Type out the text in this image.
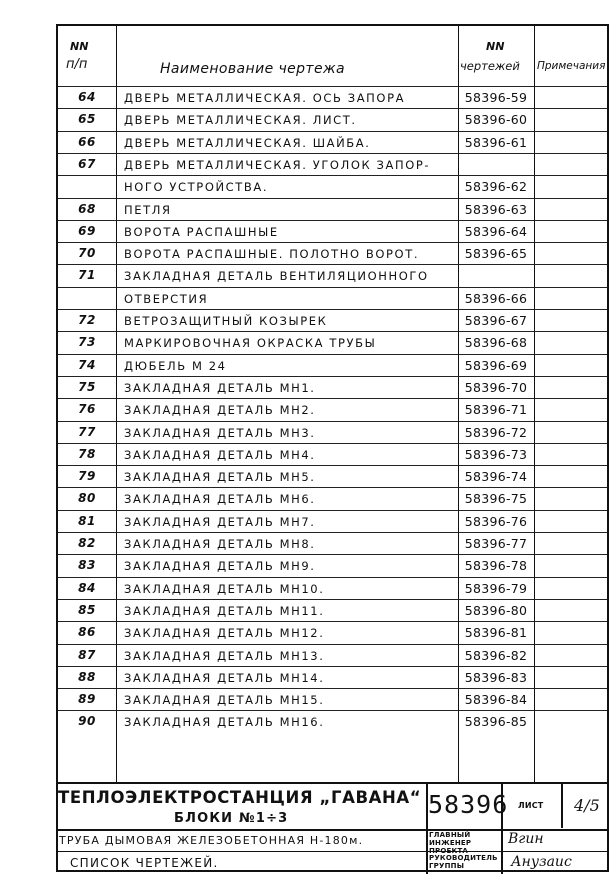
NN
п/п	Наименование чертежа
NN
чертежей Примечания
64	ДВЕРЬ МЕТАЛЛИЧЕСКАЯ. ОСЬ ЗАПОРА	58396-59
65	ДВЕРЬ МЕТАЛЛИЧЕСКАЯ. ЛИСТ.	58396-60
66	ДВЕРЬ МЕТАЛЛИЧЕСКАЯ. ШАЙБА.	58396-61
67	ДВЕРЬ МЕТАЛЛИЧЕСКАЯ. УГОЛОК ЗАПОР-
НОГО УСТРОЙСТВА.	58396-62
68	ПЕТЛЯ	58396-63
69	ВОРОТА РАСПАШНЫЕ	58396-64
70	ВОРОТА РАСПАШНЫЕ. ПОЛОТНО ВОРОТ.	58396-65
71	ЗАКЛАДНАЯ ДЕТАЛЬ ВЕНТИЛЯЦИОННОГО
ОТВЕРСТИЯ	58396-66
72	ВЕТРОЗАЩИТНЫЙ КОЗЫРЕК	58396-67
73	МАРКИРОВОЧНАЯ ОКРАСКА ТРУБЫ	58396-68
74	ДЮБЕЛЬ М 24	58396-69
75	ЗАКЛАДНАЯ ДЕТАЛЬ МН1.	58396-70
76	ЗАКЛАДНАЯ ДЕТАЛЬ МН2.	58396-71
77	ЗАКЛАДНАЯ ДЕТАЛЬ МН3.	58396-72
78	ЗАКЛАДНАЯ ДЕТАЛЬ МН4.	58396-73
79	ЗАКЛАДНАЯ ДЕТАЛЬ МН5.	58396-74
80	ЗАКЛАДНАЯ ДЕТАЛЬ МН6.	58396-75
81	ЗАКЛАДНАЯ ДЕТАЛЬ МН7.	58396-76
82	ЗАКЛАДНАЯ ДЕТАЛЬ МН8.	58396-77
83	ЗАКЛАДНАЯ ДЕТАЛЬ МН9.	58396-78
84	ЗАКЛАДНАЯ ДЕТАЛЬ МН10.	58396-79
85	ЗАКЛАДНАЯ ДЕТАЛЬ МН11.	58396-80
86	ЗАКЛАДНАЯ ДЕТАЛЬ МН12.	58396-81
87	ЗАКЛАДНАЯ ДЕТАЛЬ МН13.	58396-82
88	ЗАКЛАДНАЯ ДЕТАЛЬ МН14.	58396-83
89	ЗАКЛАДНАЯ ДЕТАЛЬ МН15.	58396-84
90	ЗАКЛАДНАЯ ДЕТАЛЬ МН16.	58396-85
ТЕПЛОЭЛЕКТРОСТАНЦИЯ „ГАВАНА“
БЛОКИ №1÷3
ТРУБА ДЫМОВАЯ ЖЕЛЕЗОБЕТОННАЯ Н-180м.
СПИСОК ЧЕРТЕЖЕЙ.
58396 ЛИСТ 4/5
ГЛАВНЫЙ ИНЖЕНЕР ПРОЕКТА
РУКОВОДИТЕЛЬ ГРУППЫ
Вгин
Анузаис
